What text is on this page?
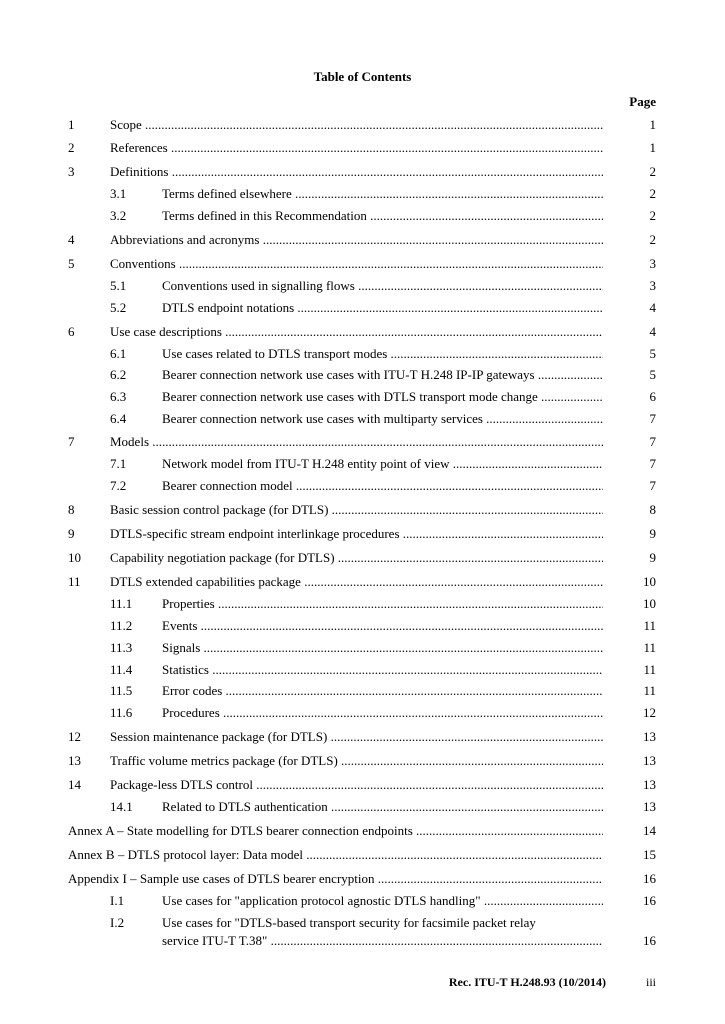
Table of Contents
Page
1	Scope .....	1
2	References .....	1
3	Definitions .....	2
3.1	Terms defined elsewhere .....	2
3.2	Terms defined in this Recommendation .....	2
4	Abbreviations and acronyms .....	2
5	Conventions .....	3
5.1	Conventions used in signalling flows .....	3
5.2	DTLS endpoint notations .....	4
6	Use case descriptions .....	4
6.1	Use cases related to DTLS transport modes .....	5
6.2	Bearer connection network use cases with ITU-T H.248 IP-IP gateways .....	5
6.3	Bearer connection network use cases with DTLS transport mode change .....	6
6.4	Bearer connection network use cases with multiparty services .....	7
7	Models .....	7
7.1	Network model from ITU-T H.248 entity point of view .....	7
7.2	Bearer connection model .....	7
8	Basic session control package (for DTLS) .....	8
9	DTLS-specific stream endpoint interlinkage procedures .....	9
10 Capability negotiation package (for DTLS) .....	9
11 DTLS extended capabilities package .....	10
11.1 Properties .....	10
11.2 Events .....	11
11.3 Signals .....	11
11.4 Statistics .....	11
11.5 Error codes .....	11
11.6 Procedures .....	12
12 Session maintenance package (for DTLS) .....	13
13 Traffic volume metrics package (for DTLS) .....	13
14 Package-less DTLS control .....	13
14.1 Related to DTLS authentication .....	13
Annex A – State modelling for DTLS bearer connection endpoints .....	14
Annex B – DTLS protocol layer: Data model .....	15
Appendix I – Sample use cases of DTLS bearer encryption .....	16
I.1	Use cases for "application protocol agnostic DTLS handling" .....	16
I.2	Use cases for "DTLS-based transport security for facsimile packet relay
service ITU-T T.38" .....	16
Rec. ITU-T H.248.93 (10/2014)	iii
